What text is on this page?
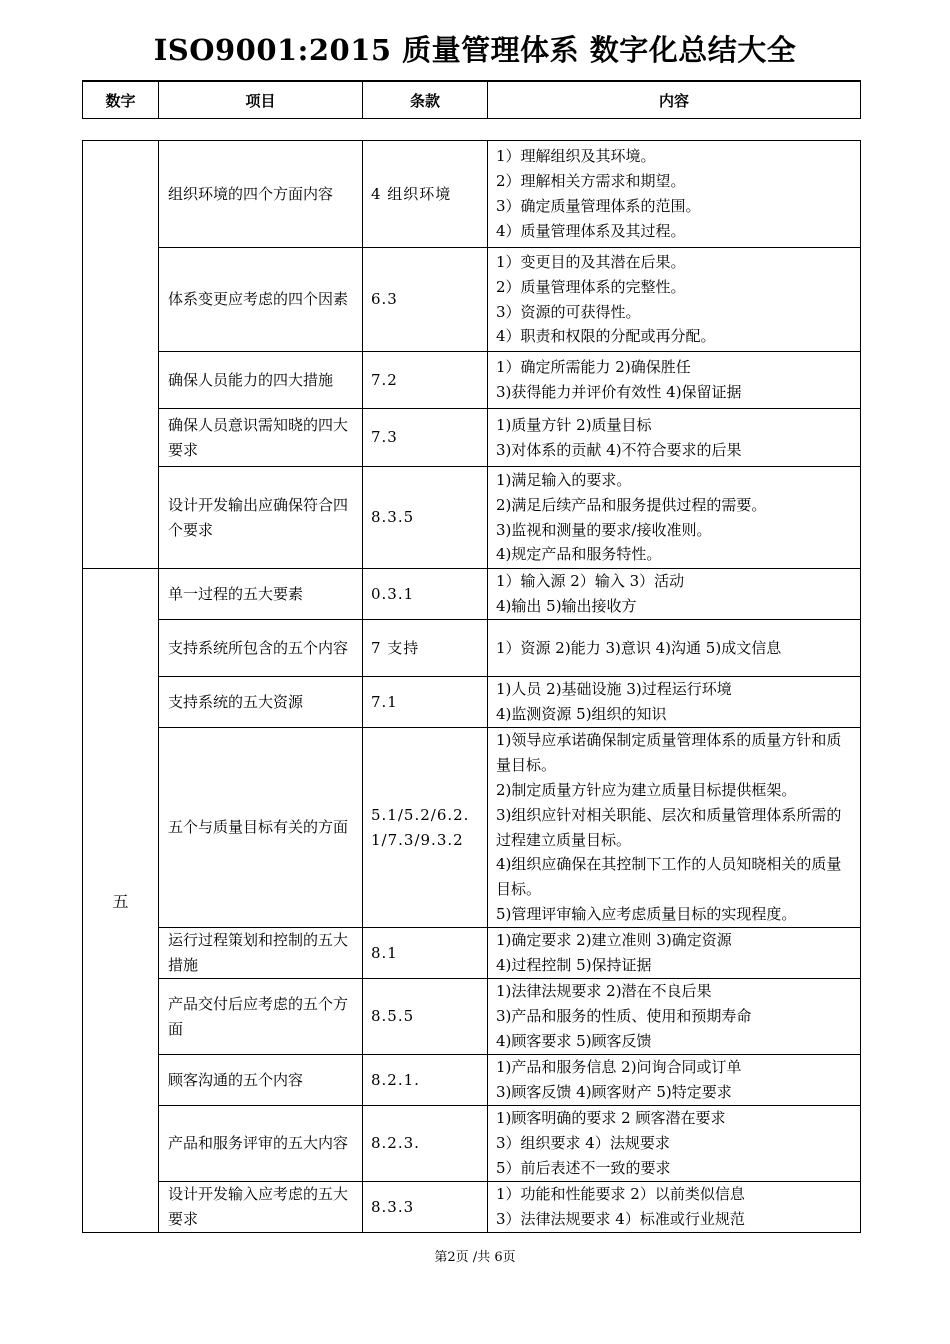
ISO9001:2015 质量管理体系 数字化总结大全
数字	项目	条款	内容
	组织环境的四个方面内容	4 组织环境	1）理解组织及其环境。
2）理解相关方需求和期望。
3）确定质量管理体系的范围。
4）质量管理体系及其过程。

	体系变更应考虑的四个因素	6.3	1）变更目的及其潜在后果。
2）质量管理体系的完整性。
3）资源的可获得性。
4）职责和权限的分配或再分配。

	确保人员能力的四大措施	7.2	1）确定所需能力 2)确保胜任
3)获得能力并评价有效性 4)保留证据

	确保人员意识需知晓的四大要求	7.3	1)质量方针 2)质量目标
3)对体系的贡献 4)不符合要求的后果

	设计开发输出应确保符合四个要求	8.3.5	1)满足输入的要求。
2)满足后续产品和服务提供过程的需要。
3)监视和测量的要求/接收准则。
4)规定产品和服务特性。

五	单一过程的五大要素	0.3.1	1）输入源 2）输入 3）活动
4)输出 5)输出接收方

	支持系统所包含的五个内容	7 支持	1）资源 2)能力 3)意识 4)沟通 5)成文信息

	支持系统的五大资源	7.1	1)人员 2)基础设施 3)过程运行环境
4)监测资源 5)组织的知识

	五个与质量目标有关的方面	5.1/5.2/6.2.1/7.3/9.3.2	1)领导应承诺确保制定质量管理体系的质量方针和质量目标。
2)制定质量方针应为建立质量目标提供框架。
3)组织应针对相关职能、层次和质量管理体系所需的过程建立质量目标。
4)组织应确保在其控制下工作的人员知晓相关的质量目标。
5)管理评审输入应考虑质量目标的实现程度。

	运行过程策划和控制的五大措施	8.1	1)确定要求 2)建立准则 3)确定资源
4)过程控制 5)保持证据

	产品交付后应考虑的五个方面	8.5.5	1)法律法规要求 2)潜在不良后果
3)产品和服务的性质、使用和预期寿命
4)顾客要求 5)顾客反馈

	顾客沟通的五个内容	8.2.1.	1)产品和服务信息 2)问询合同或订单
3)顾客反馈 4)顾客财产 5)特定要求

	产品和服务评审的五大内容	8.2.3.	1)顾客明确的要求 2 顾客潜在要求
3）组织要求 4）法规要求
5）前后表述不一致的要求

	设计开发输入应考虑的五大要求	8.3.3	1）功能和性能要求 2）以前类似信息
3）法律法规要求 4）标准或行业规范
第2页 /共 6页
